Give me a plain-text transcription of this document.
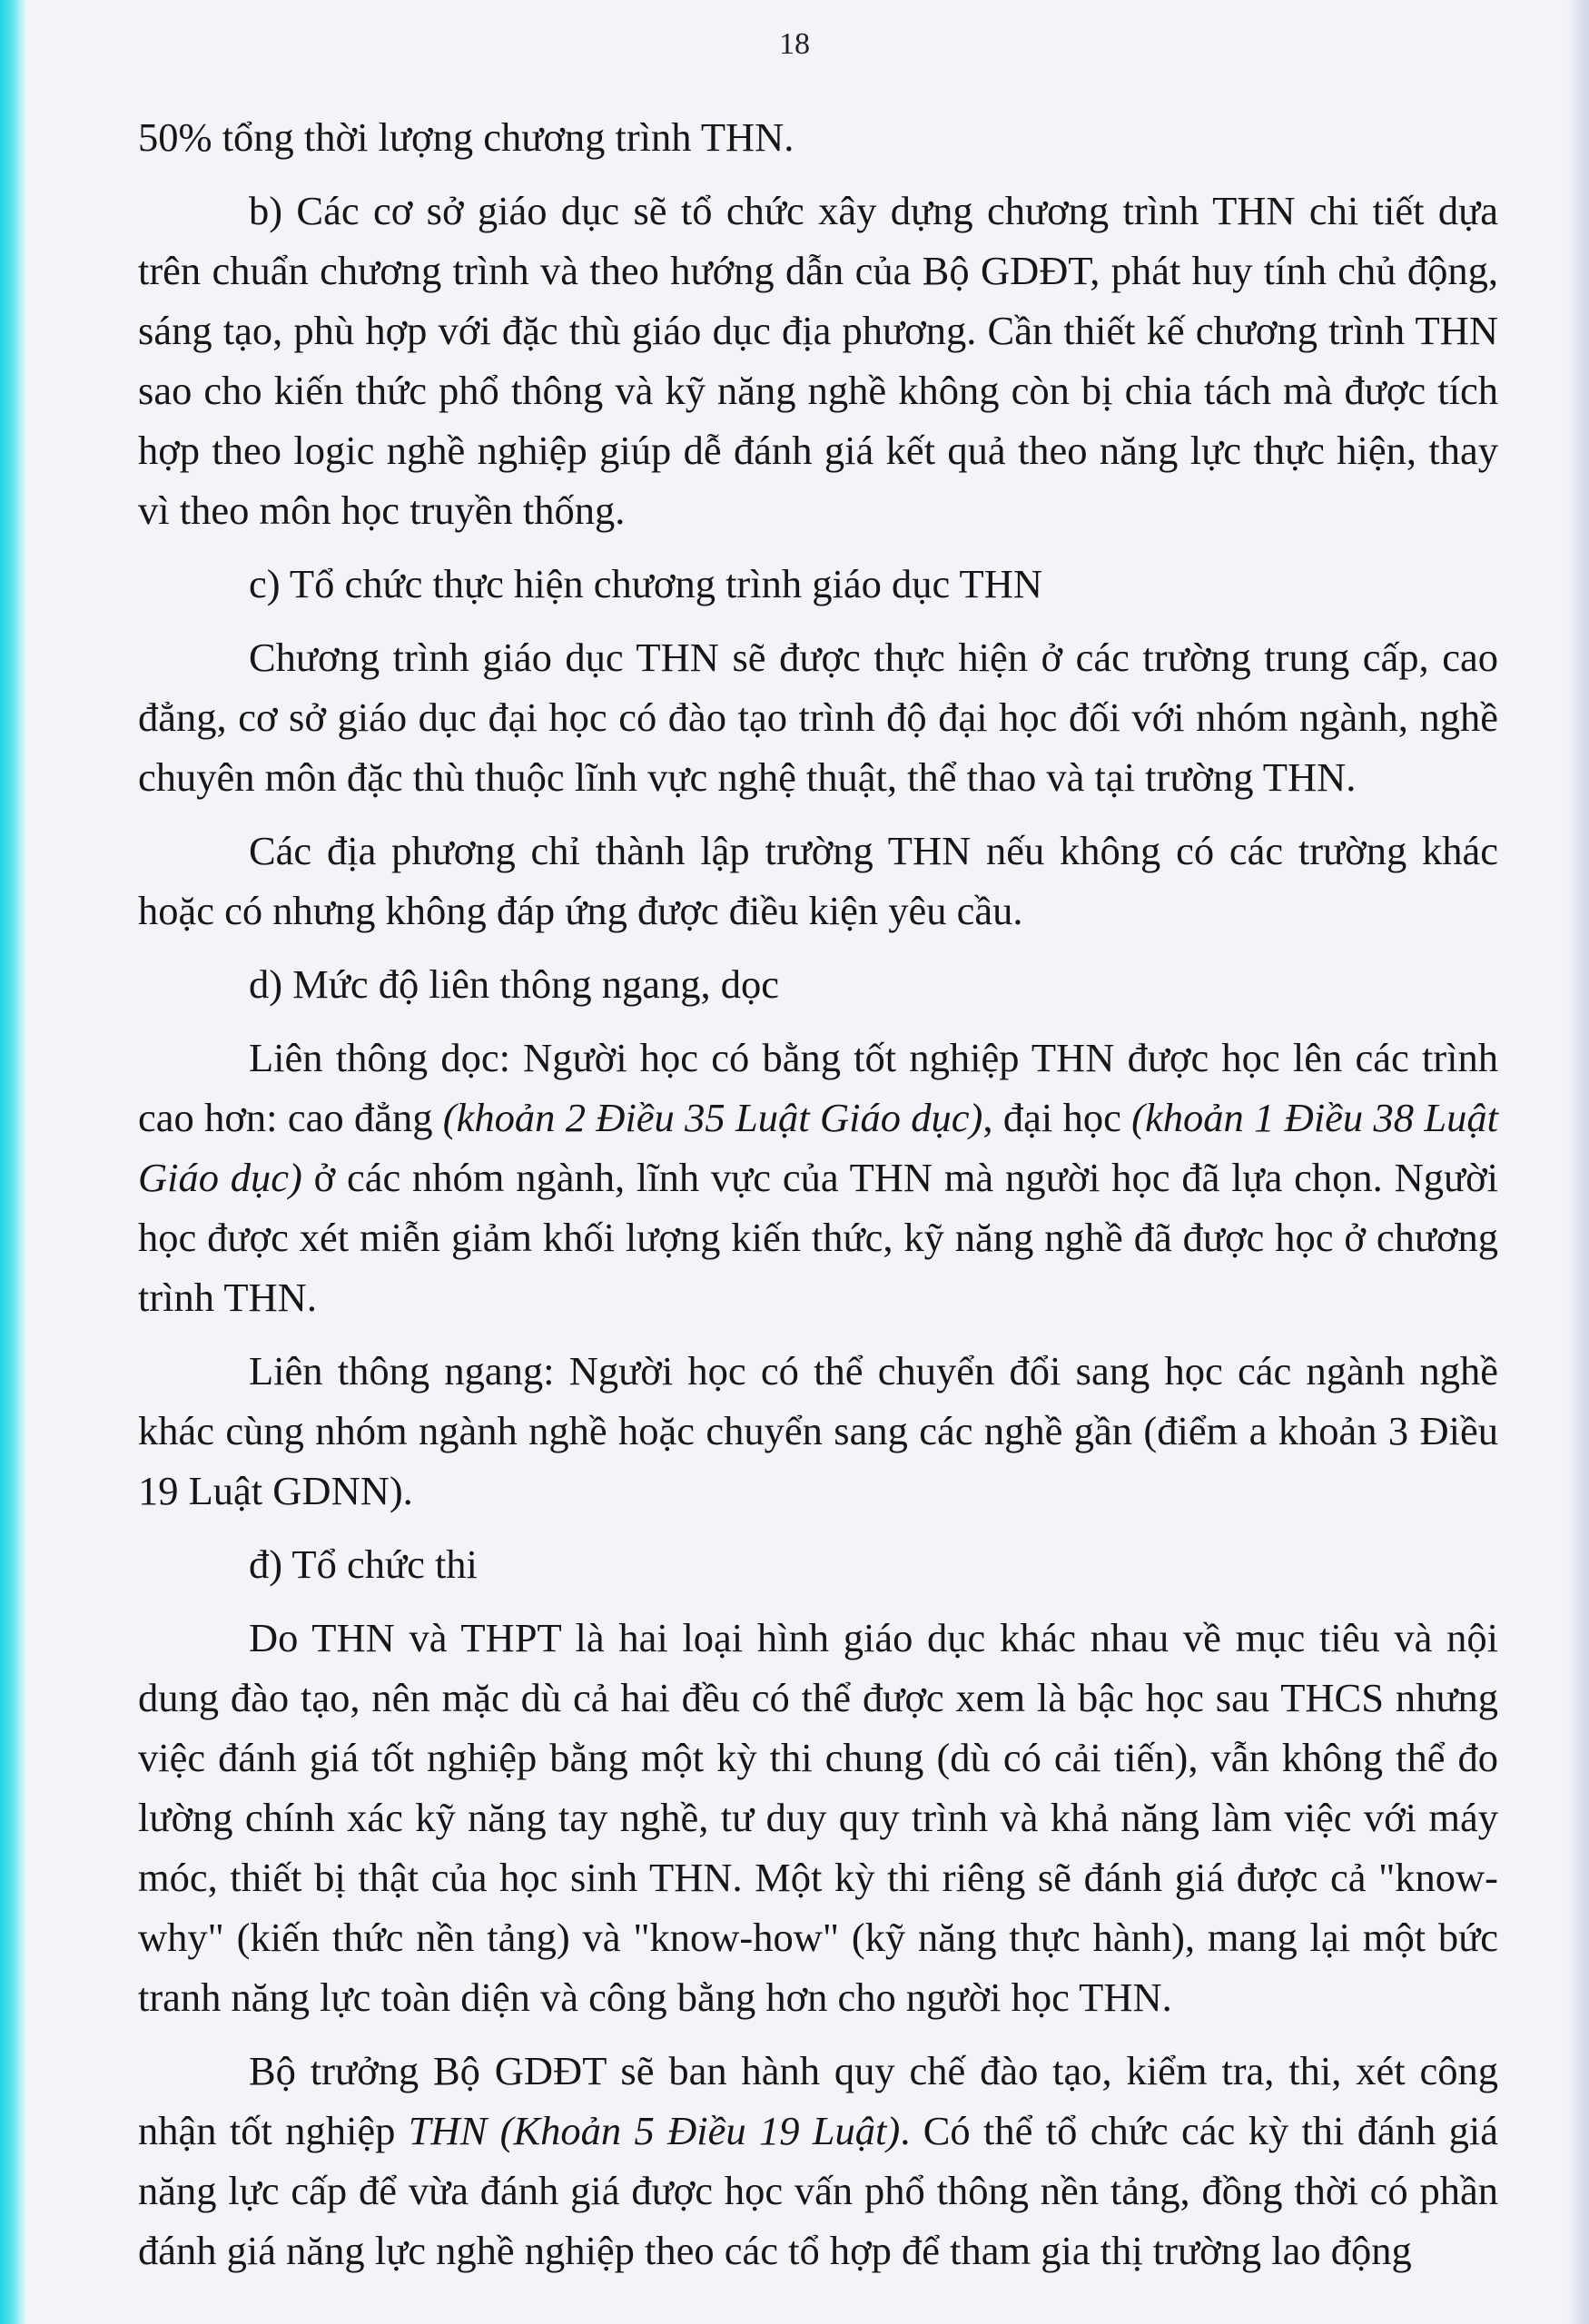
18

50% tổng thời lượng chương trình THN.

b) Các cơ sở giáo dục sẽ tổ chức xây dựng chương trình THN chi tiết dựa trên chuẩn chương trình và theo hướng dẫn của Bộ GDĐT, phát huy tính chủ động, sáng tạo, phù hợp với đặc thù giáo dục địa phương. Cần thiết kế chương trình THN sao cho kiến thức phổ thông và kỹ năng nghề không còn bị chia tách mà được tích hợp theo logic nghề nghiệp giúp dễ đánh giá kết quả theo năng lực thực hiện, thay vì theo môn học truyền thống.

c) Tổ chức thực hiện chương trình giáo dục THN

Chương trình giáo dục THN sẽ được thực hiện ở các trường trung cấp, cao đẳng, cơ sở giáo dục đại học có đào tạo trình độ đại học đối với nhóm ngành, nghề chuyên môn đặc thù thuộc lĩnh vực nghệ thuật, thể thao và tại trường THN.

Các địa phương chỉ thành lập trường THN nếu không có các trường khác hoặc có nhưng không đáp ứng được điều kiện yêu cầu.

d) Mức độ liên thông ngang, dọc

Liên thông dọc: Người học có bằng tốt nghiệp THN được học lên các trình cao hơn: cao đẳng (khoản 2 Điều 35 Luật Giáo dục), đại học (khoản 1 Điều 38 Luật Giáo dục) ở các nhóm ngành, lĩnh vực của THN mà người học đã lựa chọn. Người học được xét miễn giảm khối lượng kiến thức, kỹ năng nghề đã được học ở chương trình THN.

Liên thông ngang: Người học có thể chuyển đổi sang học các ngành nghề khác cùng nhóm ngành nghề hoặc chuyển sang các nghề gần (điểm a khoản 3 Điều 19 Luật GDNN).

đ) Tổ chức thi

Do THN và THPT là hai loại hình giáo dục khác nhau về mục tiêu và nội dung đào tạo, nên mặc dù cả hai đều có thể được xem là bậc học sau THCS nhưng việc đánh giá tốt nghiệp bằng một kỳ thi chung (dù có cải tiến), vẫn không thể đo lường chính xác kỹ năng tay nghề, tư duy quy trình và khả năng làm việc với máy móc, thiết bị thật của học sinh THN. Một kỳ thi riêng sẽ đánh giá được cả "know-why" (kiến thức nền tảng) và "know-how" (kỹ năng thực hành), mang lại một bức tranh năng lực toàn diện và công bằng hơn cho người học THN.

Bộ trưởng Bộ GDĐT sẽ ban hành quy chế đào tạo, kiểm tra, thi, xét công nhận tốt nghiệp THN (Khoản 5 Điều 19 Luật). Có thể tổ chức các kỳ thi đánh giá năng lực cấp để vừa đánh giá được học vấn phổ thông nền tảng, đồng thời có phần đánh giá năng lực nghề nghiệp theo các tổ hợp để tham gia thị trường lao động
